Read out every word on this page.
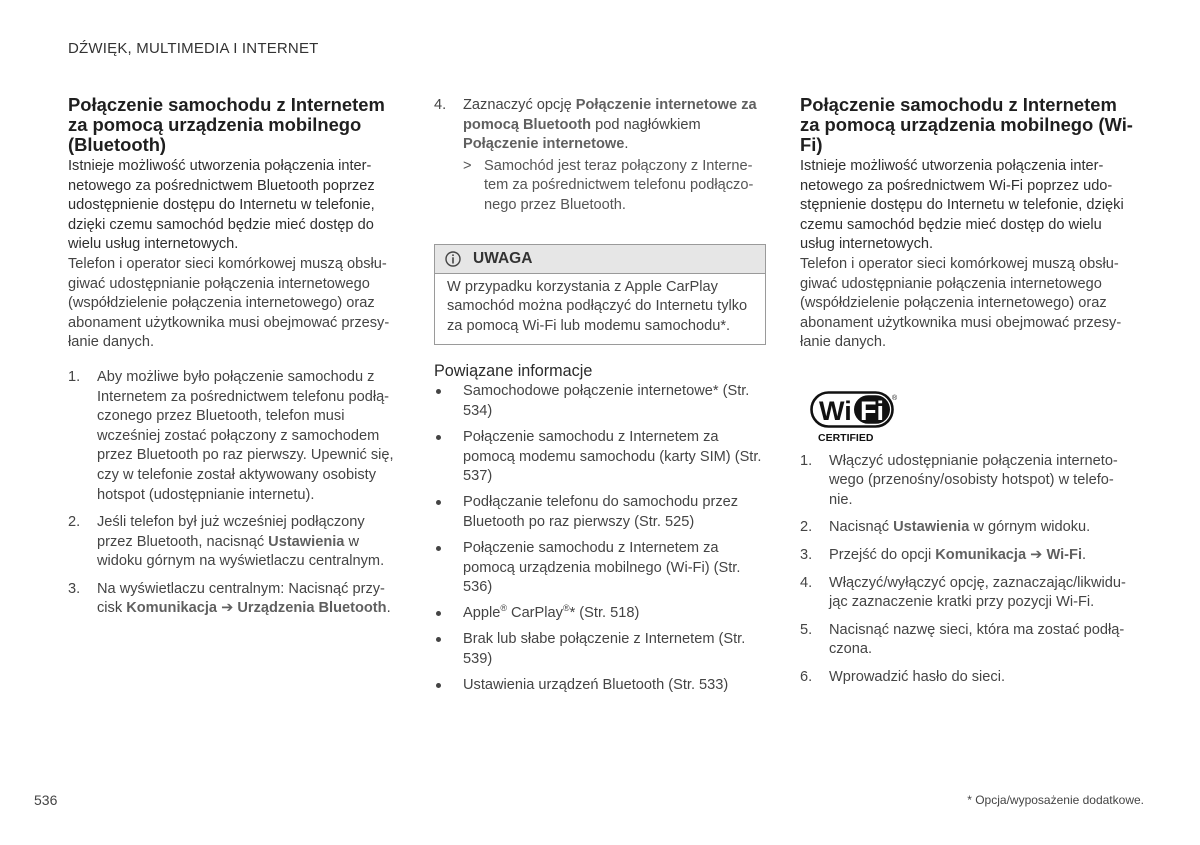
DŹWIĘK, MULTIMEDIA I INTERNET
Połączenie samochodu z Internetem za pomocą urządzenia mobilnego (Bluetooth)

Istnieje możliwość utworzenia połączenia inter-netowego za pośrednictwem Bluetooth poprzez udostępnienie dostępu do Internetu w telefonie, dzięki czemu samochód będzie mieć dostęp do wielu usług internetowych.

Telefon i operator sieci komórkowej muszą obsłu-giwać udostępnianie połączenia internetowego (współdzielenie połączenia internetowego) oraz abonament użytkownika musi obejmować przesy-łanie danych.

1. Aby możliwe było połączenie samochodu z Internetem za pośrednictwem telefonu podłą-czonego przez Bluetooth, telefon musi wcześniej zostać połączony z samochodem przez Bluetooth po raz pierwszy. Upewnić się, czy w telefonie został aktywowany osobisty hotspot (udostępnianie internetu).
2. Jeśli telefon był już wcześniej podłączony przez Bluetooth, nacisnąć Ustawienia w widoku górnym na wyświetlaczu centralnym.
3. Na wyświetlaczu centralnym: Nacisnąć przy-cisk Komunikacja ➔ Urządzenia Bluetooth.
4. Zaznaczyć opcję Połączenie internetowe za pomocą Bluetooth pod nagłówkiem Połączenie internetowe.
> Samochód jest teraz połączony z Interne-tem za pośrednictwem telefonu podłączo-nego przez Bluetooth.
UWAGA
W przypadku korzystania z Apple CarPlay samochód można podłączyć do Internetu tylko za pomocą Wi-Fi lub modemu samochodu*.
Powiązane informacje
Samochodowe połączenie internetowe* (Str. 534)
Połączenie samochodu z Internetem za pomocą modemu samochodu (karty SIM) (Str. 537)
Podłączanie telefonu do samochodu przez Bluetooth po raz pierwszy (Str. 525)
Połączenie samochodu z Internetem za pomocą urządzenia mobilnego (Wi-Fi) (Str. 536)
Apple® CarPlay®* (Str. 518)
Brak lub słabe połączenie z Internetem (Str. 539)
Ustawienia urządzeń Bluetooth (Str. 533)
Połączenie samochodu z Internetem za pomocą urządzenia mobilnego (Wi-Fi)

Istnieje możliwość utworzenia połączenia inter-netowego za pośrednictwem Wi-Fi poprzez udo-stępnienie dostępu do Internetu w telefonie, dzięki czemu samochód będzie mieć dostęp do wielu usług internetowych.

Telefon i operator sieci komórkowej muszą obsłu-giwać udostępnianie połączenia internetowego (współdzielenie połączenia internetowego) oraz abonament użytkownika musi obejmować przesy-łanie danych.

Wi Fi ®
CERTIFIED
1. Włączyć udostępnianie połączenia interneto-wego (przenośny/osobisty hotspot) w telefo-nie.
2. Nacisnąć Ustawienia w górnym widoku.
3. Przejść do opcji Komunikacja ➔ Wi-Fi.
4. Włączyć/wyłączyć opcję, zaznaczając/likwidu-jąc zaznaczenie kratki przy pozycji Wi-Fi.
5. Nacisnąć nazwę sieci, która ma zostać podłą-czona.
6. Wprowadzić hasło do sieci.
536	* Opcja/wyposażenie dodatkowe.
